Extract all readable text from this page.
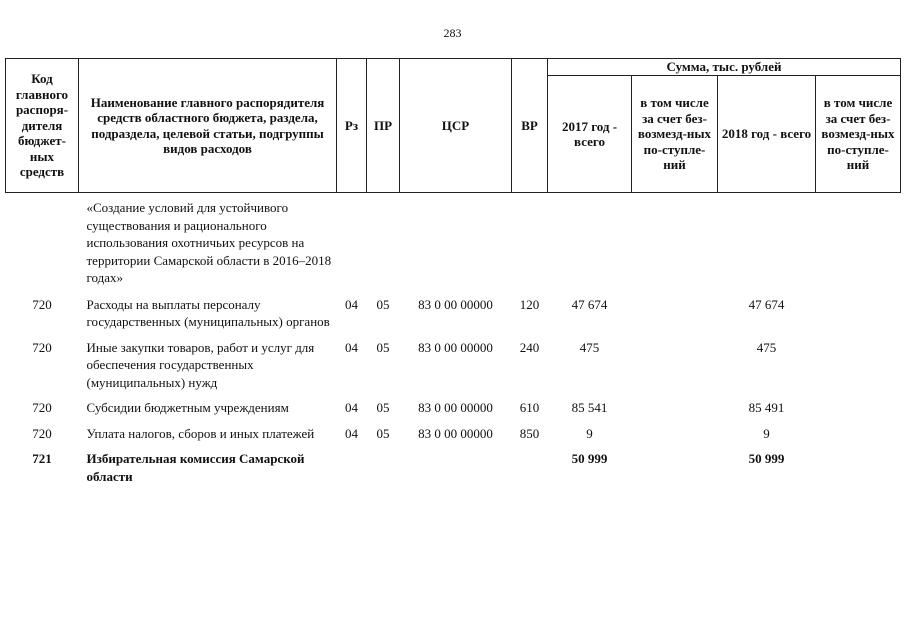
283
Код главного распоря-дителя бюджет-ных средств	Наименование главного распорядителя средств областного бюджета, раздела, подраздела, целевой статьи, подгруппы видов расходов	Рз	ПР	ЦСР	ВР	Сумма, тыс. рублей			
						2017 год - всего	в том числе за счет без-возмезд-ных по-ступле-ний	2018 год - всего	в том числе за счет без-возмезд-ных по-ступле-ний
	«Создание условий для устойчивого существования и рационального использования охотничьих ресурсов на территории Самарской области в 2016–2018 годах»								
720	Расходы на выплаты персоналу государственных (муниципальных) органов	04	05	83 0 00 00000	120	47 674		47 674	
720	Иные закупки товаров, работ и услуг для обеспечения государственных (муниципальных) нужд	04	05	83 0 00 00000	240	475		475	
720	Субсидии бюджетным учреждениям	04	05	83 0 00 00000	610	85 541		85 491	
720	Уплата налогов, сборов и иных платежей	04	05	83 0 00 00000	850	9		9	
721	Избирательная комиссия Самарской области					50 999		50 999	
